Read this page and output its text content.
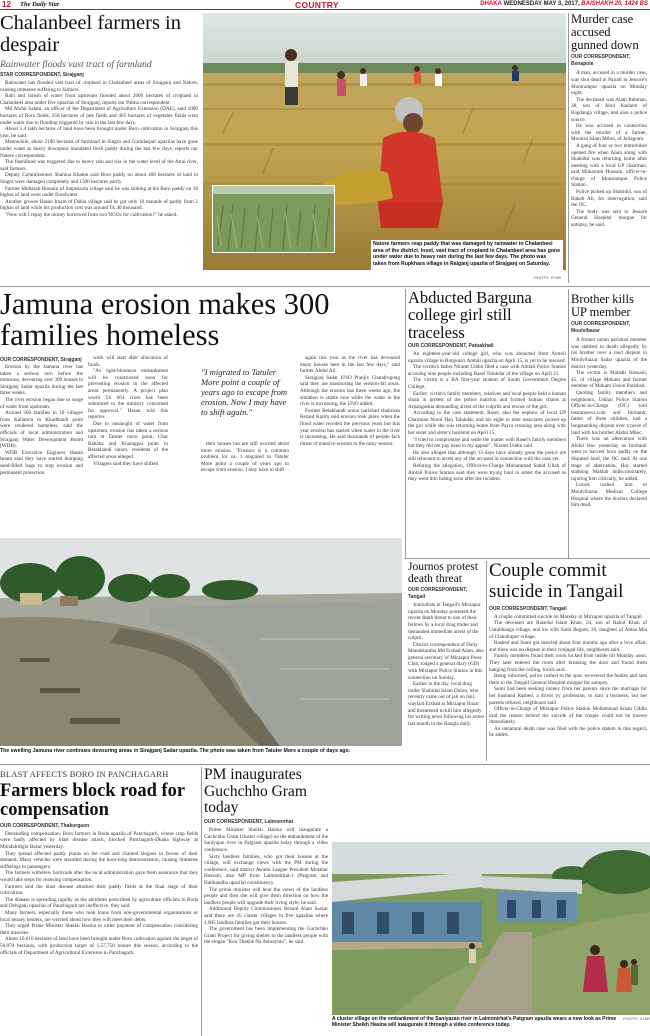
12 The Daily Star	COUNTRY	DHAKA WEDNESDAY MAY 3, 2017, BAISHAKH 20, 1424 BS
Chalanbeel farmers in despair
Rainwater floods vast tract of farmland
STAR CORRESPONDENT, Sirajganj

Rainwater has flooded vast tract of cropland in Chalanbeel areas of Sirajganj and Natore, causing immense suffering to farmers.

Rain and inrush of water from upstream flooded about 2000 hectares of cropland in Chalanbeel area under five upazilas of Sirajganj, reports our Pabna correspondent.

Md Abdul Salam, an officer of the Department of Agriculture Extension (DAE), said 1000 hectares of Boro fields, 250 hectares of jute fields and 405 hectares of vegetable fields went under water due to flooding triggered by rain in the last few days.

About 1.4 lakh hectares of land have been brought under Boro cultivation in Sirajganj this year, he said.

Meanwhile, about 2100 hectares of farmland in Singra and Gurudaspur upazilas have gone under water as heavy downpour inundated fresh paddy during the last few days, reports our Natore correspondent.

The flashflood was triggered due to heavy rain and rise in the water level of the Atrai river, said farmers.

Deputy Commissioner Shahina Khatun said Boro paddy on about 400 hectares of land in Singra were damaged completely and 1500 hectares partly.

Farmer Mobarak Hossain of Satpukuria village said he was sinking at his Boro paddy on 16 bighas of land went under floodwater.

Another grower Hasan Imam of Dahia village said he got only 10 maunds of paddy from 2 bighas of land while his production cost was around Tk 40 thousand.

"Now will I repay the money borrowed from two NGOs for cultivation?" he asked.

PHOTO: STAR
Natore farmers reap paddy that was damaged by rainwater in Chalanbeel area of the district. Inset, vast tract of cropland in Chalanbeel area has gone under water due to heavy rain during the last few days. The photo was taken from Rupkhara village in Raiganj upazila of Sirajganj on Saturday.
Murder case accused gunned down
OUR CORRESPONDENT, Benapole

A man, accused in a murder case, was shot dead in Pairali in Jessore's Monirampur upazila on Monday night.

The deceased was Alam Rahman, 38, son of Abul Kashem of Bagdanga village, and also a police source.

He was accused in connection with the murder of a farmer, Monirul Islam Milon, of Jeliagram.

A gang of four or two motorbikes opened fire when Alam along with Shahidul was returning home after meeting with a local UP chairman, said Mokarram Hossain, officer-in-charge of Monirampur Police Station.

Police picked up Shahidul, son of Bakeb Ali, for interrogation, said the OC.

The body was sent to Jessore General Hospital morgue for autopsy, he said.

Jamuna erosion makes 300 families homeless
OUR CORRESPONDENT, Sirajganj

Erosion by the Jamuna river has taken a serious turn before the monsoon, devouring over 300 houses in Sirajganj Sadar upazila during the last three weeks.

The river erosion began due to surge of water from upstream.

Around 300 families in 10 villages from Kaliatola to Khudbandi point were rendered homeless, said the officials of local administration and Sirajganj Water Development Board (WDB).

WDB Executive Engineer Hasan Imam said they have started dumping sand-filled bags to stop erosion and permanent protection

work will start after allocation of funds.

"As right-bloomers embankment will be constructed soon for preventing erosion in the affected areas permanently. A project plan worth Tk 664 crore has been submitted to the ministry concerned for approval," Hasan told this reporter.

Due to onslaught of water from upstream, erosion has taken a serious turn at Tatuler more point, Char Rabaka and Kharagpai point in Betakhandi union, residents of the affected areas alleged.

Villagers said they have shifted

"I migrated to Tatuler More point a couple of years ago to escape from erosion. Now I may have to shift again."

their houses but are still worried about more erosion. "Erosion is a common problem for us. I migrated to Tatuler More point a couple of years ago to escape from erosion. I may have to shift

again this year as the river has devoured many houses here in the last few days," said farmer Abdul Ali.

Sirajganj Sadar UNO Pranjiv Chandrogong said they are monitoring the erosion-hit areas. Although the erosion has three weeks ago, the situation is stable now while the water in the river is increasing, the UNO added.

Former Betakhandi union parishad chairman Rezaul Karim said erosion took place when the flood water receded the previous years but this year erosion has started when water in the river is increasing. He said thousands of people face threat of massive erosion in the rainy season.

The swelling Jamuna river continues devouring areas in Sirajganj Sadar upazila. The photo was taken from Tatuler More a couple of days ago.
Abducted Barguna college girl still traceless
OUR CORRESPONDENT, Patuakhali

An eighteen-year-old college girl, who was abducted from Amtoli upazila village in Barguna's Amtali upazila on April 15, is yet to be rescued.

The victim's father Nirantt Uddin filed a case with Amtali Police Station accusing nine people including Rasel Talukdar of the village on April 21.

The victim is a BA first-year student of South Govemment Degree College.

Earlier, victim's family members, relatives and local people held a human chain in protest of the police inaction and formed human chains at Arpangashia demanding arrest of the culprits and rescue of the girl.

According to the case statement, Rasel, also the nephew of local UP Chairman Nurul Haq Talukdar, and his eight to nine associates picked up the girl while she was returning home from Payra crossing area along with her sister and sister's husband on April 15.

"I tried to compromise and settle the matter with Rasel's family members but they did not pay heed to my appeal", Nirantt Uddin said.

He also alleged that although 13 days have already gone the police are still reluctant to arrest any of the accused in connection with the case yet.

Refuting the allegation, Officer-in-Charge Mohammad Sahid Ullah of Amtali Police Station said they were trying hard to arrest the accused as they went into hiding soon after the incident.

Brother kills UP member
OUR CORRESPONDENT, Moulvibazar

A former union parishad member was stabbed to death allegedly by his brother over a land dispute in Moulvibazar Sadar upazila of the district yesterday.

The victim is Mahtab Hossain, 45, of village Mokam and former member of Mokam Union Parishad.

Quoting family members and neighbours, Utkhai Police Station Officer-in-Charge (OC) told tasnimnews.com and Imrhanir, father of three children, had a longstanding dispute over a piece of land with his brother Abdul Mhoc.

There was an altercation with Abdul Hoc yesterday as Imrhanir went to harvest boro paddy on the disputed land, the OC said. At one stage of altercation, Hoc started stabbing Mahtab indiscriminately, injuring him critically, he added.

Locals rushed him to Moulvibazar Medical College Hospital where the doctors declared him dead.

Journos protest death threat
OUR CORRESPONDENT, Tangail

Journalists in Tangail's Mirzapur upazila on Monday protested the recent death threat to one of their fellows by a local drug trader and demanded immediate arrest of the culprit.

District correspondent of Daily Manabkantha Md Ershad Alam, also general secretary of Mirzapur Press Club, lodged a general diary (GD) with Mirzapur Police Station in this connection on Sunday.

Earlier in the day, local drug trader Shahidul Islam Dolon, who recently came out of jail on bail, waylaid Ershad at Mirzapur Bazar and threatened to kill him allegedly for writing news following his arrest last month in the Bangla daily.

Couple commit suicide in Tangail
OUR CORRESPONDENT, Tangail

A couple committed suicide on Monday in Mirzapur upazila of Tangail.

The deceased are Rasedul Islam Khan, 24, son of Rahul Khan of Uatubhanga village, and his wife Sumi Begum, 20, daughter of Abtaa Mia of Chandrapur village.

Rashed and Sumi got married about four months ago after a love affair, and there was no dispute in their conjugal life, neighbours said.

Family members found their room locked from inside till Monday noon. They later entered the room after breaking the door and found them hanging from the ceiling, locals said.

Being informed, police rushed to the spot, recovered the bodies and sent them to the Tangail General Hospital morgue for autopsy.

Sumi had been seeking money from her parents since the marriage for her husband Rashed, a driver by profession, to start a business, but her parents refused, neighbours said.

Officer-in-Charge of Mirzapur Police Station Mohammad Aman Uddin said the reason behind the suicide of the couple could not be known immediately.

An unnatural death case was filed with the police station in this regard, he added.

BLAST AFFECTS BORO IN PANCHAGARH
Farmers block road for compensation
OUR CORRESPONDENT, Thakurgaon

Demanding compensation, Boro farmers in Boda upazila of Panchagarh, whose crop fields were badly affected by blast disease attack, blocked Panchagarh-Dhaka highway at Mondalrdighi Bazar yesterday.

They spread affected paddy plants on the road and chanted slogans in favour of their demand. Many vehicles were stranded during the hour-long demonstration, causing immense sufferings to passengers.

The farmers withdrew barricade after the local administration gave them assurance that they would take steps for realising compensation.

Farmers said the blast disease attacked their paddy fields at the final stage of their cultivation.

The disease is spreading rapidly as the antidotes prescribed by agriculture officials in Boda and Debiganj upazilas of Panchagarh are ineffective, they said.

Many farmers, especially those who took loans from non-governmental organisations or local money lenders, are worried about how they will meet their debts.

They urged Prime Minister Sheikh Hasina to order payment of compensation considering their miseries.

About 10,610 hectares of land have been brought under Boro cultivation against the target of 56,070 hectares, with production target of 1,57,750 tonnes this season, according to the officials of Department of Agricultural Extension in Panchagarh.

PM inaugurates Guchchho Gram today
OUR CORRESPONDENT, Lalmonirhat

Prime Minister Sheikh Hasina will inaugurate a Guchchho Gram (cluster village) on the embankment of the Saniyajan river in Palgram upazila today through a video conference.

Sixty landless families, who got their houses at the village, will exchange views with the PM during the conference, said district Awami League President Motahar Hossain, also MP from Lalmonirhat-1 (Patgram and Hatibandha upazila) constituency.

The prime minister will hear the views of the landless people and then she will give them direction on how the landless people will upgrade their living style, he said.

Additional Deputy Commissioner Rezaul Alam Sarkar said there are 45 cluster villages in five upazilas where 4,005 landless families got their houses.

The government has been implementing the Guchchho Gram Project for giving shelter to the landless people with the slogan "Keu Thakbe Na Ashrayhin", he said.

PHOTO: STAR
A cluster village on the embankment of the Saniyazan river in Lalmonirhat's Patgram upazila wears a new look as Prime Minister Sheikh Hasina will inaugurate it through a video conference today.
